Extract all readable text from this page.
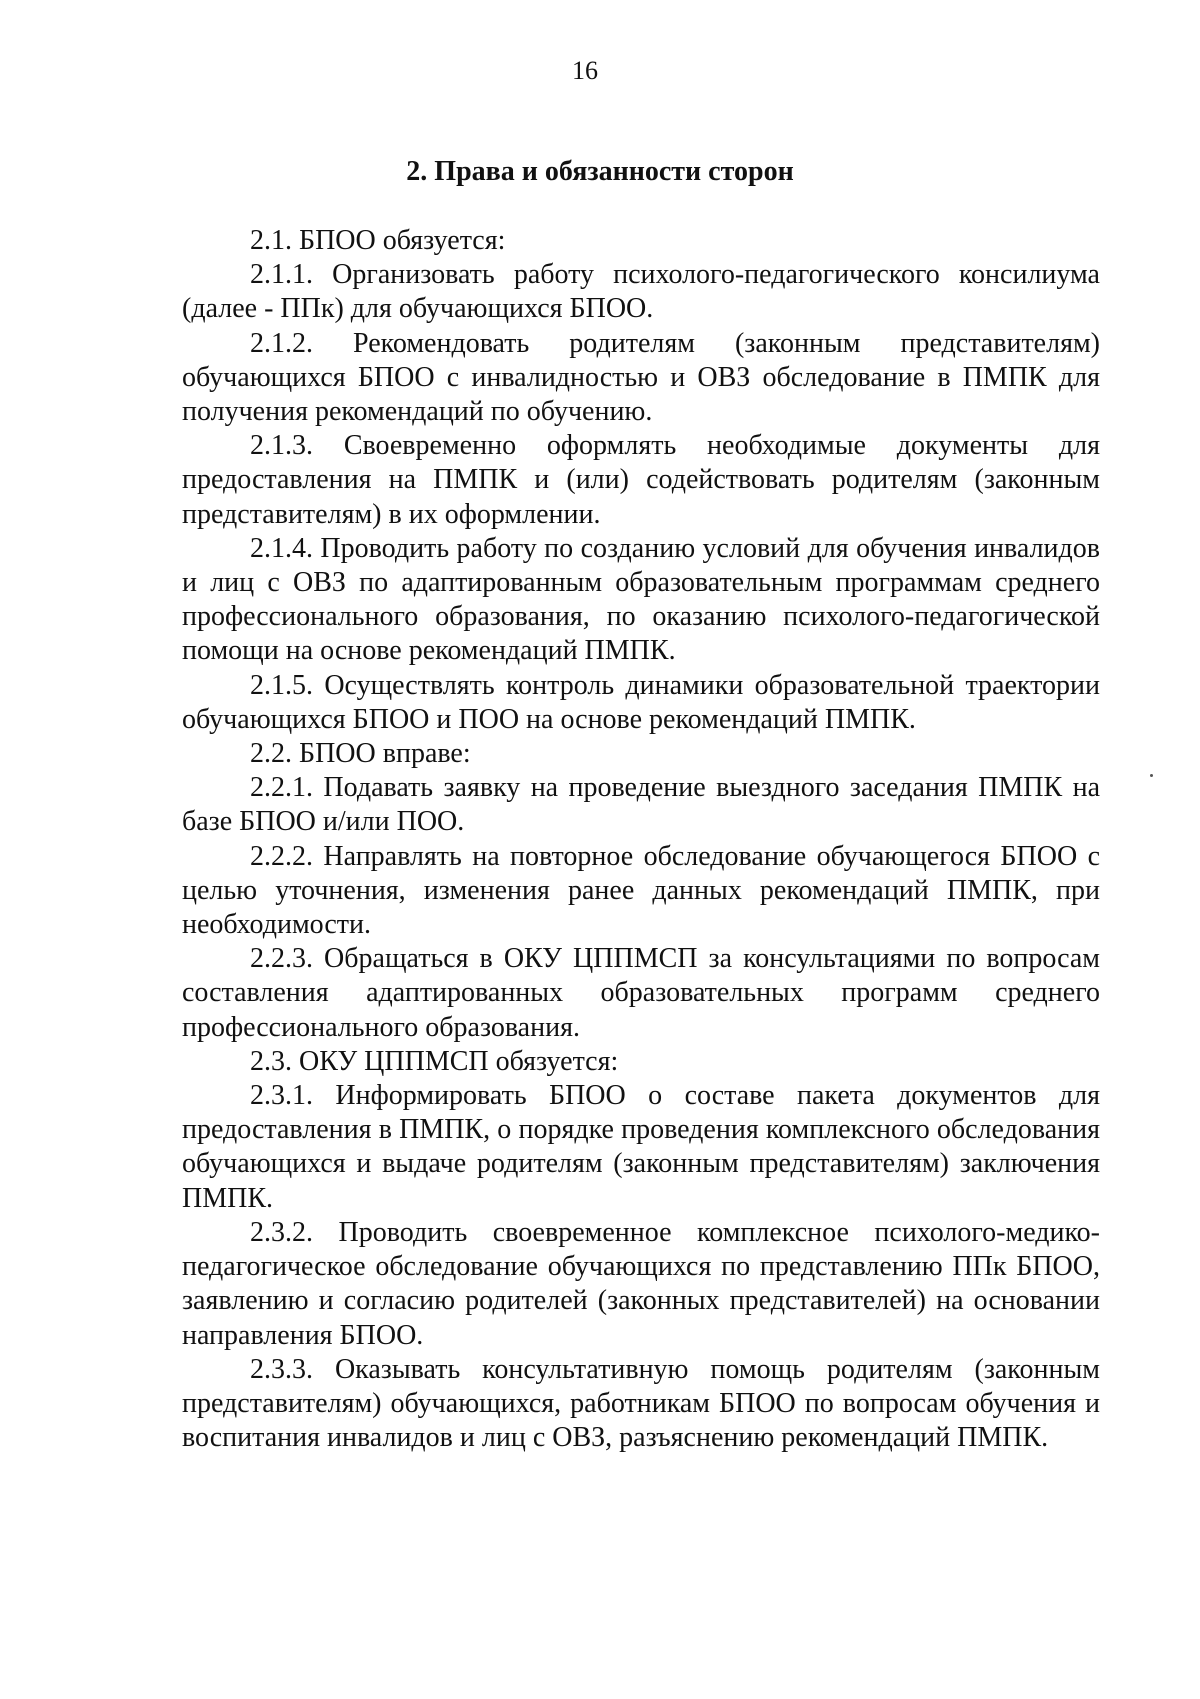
16
2. Права и обязанности сторон

2.1. БПОО обязуется:

2.1.1. Организовать работу психолого-педагогического консилиума (далее - ППк) для обучающихся БПОО.

2.1.2. Рекомендовать родителям (законным представителям) обучающихся БПОО с инвалидностью и ОВЗ обследование в ПМПК для получения рекомендаций по обучению.

2.1.3. Своевременно оформлять необходимые документы для предоставления на ПМПК и (или) содействовать родителям (законным представителям) в их оформлении.

2.1.4. Проводить работу по созданию условий для обучения инвалидов и лиц с ОВЗ по адаптированным образовательным программам среднего профессионального образования, по оказанию психолого-педагогической помощи на основе рекомендаций ПМПК.

2.1.5. Осуществлять контроль динамики образовательной траектории обучающихся БПОО и ПОО на основе рекомендаций ПМПК.

2.2. БПОО вправе:

2.2.1. Подавать заявку на проведение выездного заседания ПМПК на базе БПОО и/или ПОО.

2.2.2. Направлять на повторное обследование обучающегося БПОО с целью уточнения, изменения ранее данных рекомендаций ПМПК, при необходимости.

2.2.3. Обращаться в ОКУ ЦППМСП за консультациями по вопросам составления адаптированных образовательных программ среднего профессионального образования.

2.3. ОКУ ЦППМСП обязуется:

2.3.1. Информировать БПОО о составе пакета документов для предоставления в ПМПК, о порядке проведения комплексного обследования обучающихся и выдаче родителям (законным представителям) заключения ПМПК.

2.3.2. Проводить своевременное комплексное психолого-медико-педагогическое обследование обучающихся по представлению ППк БПОО, заявлению и согласию родителей (законных представителей) на основании направления БПОО.

2.3.3. Оказывать консультативную помощь родителям (законным представителям) обучающихся, работникам БПОО по вопросам обучения и воспитания инвалидов и лиц с ОВЗ, разъяснению рекомендаций ПМПК.
